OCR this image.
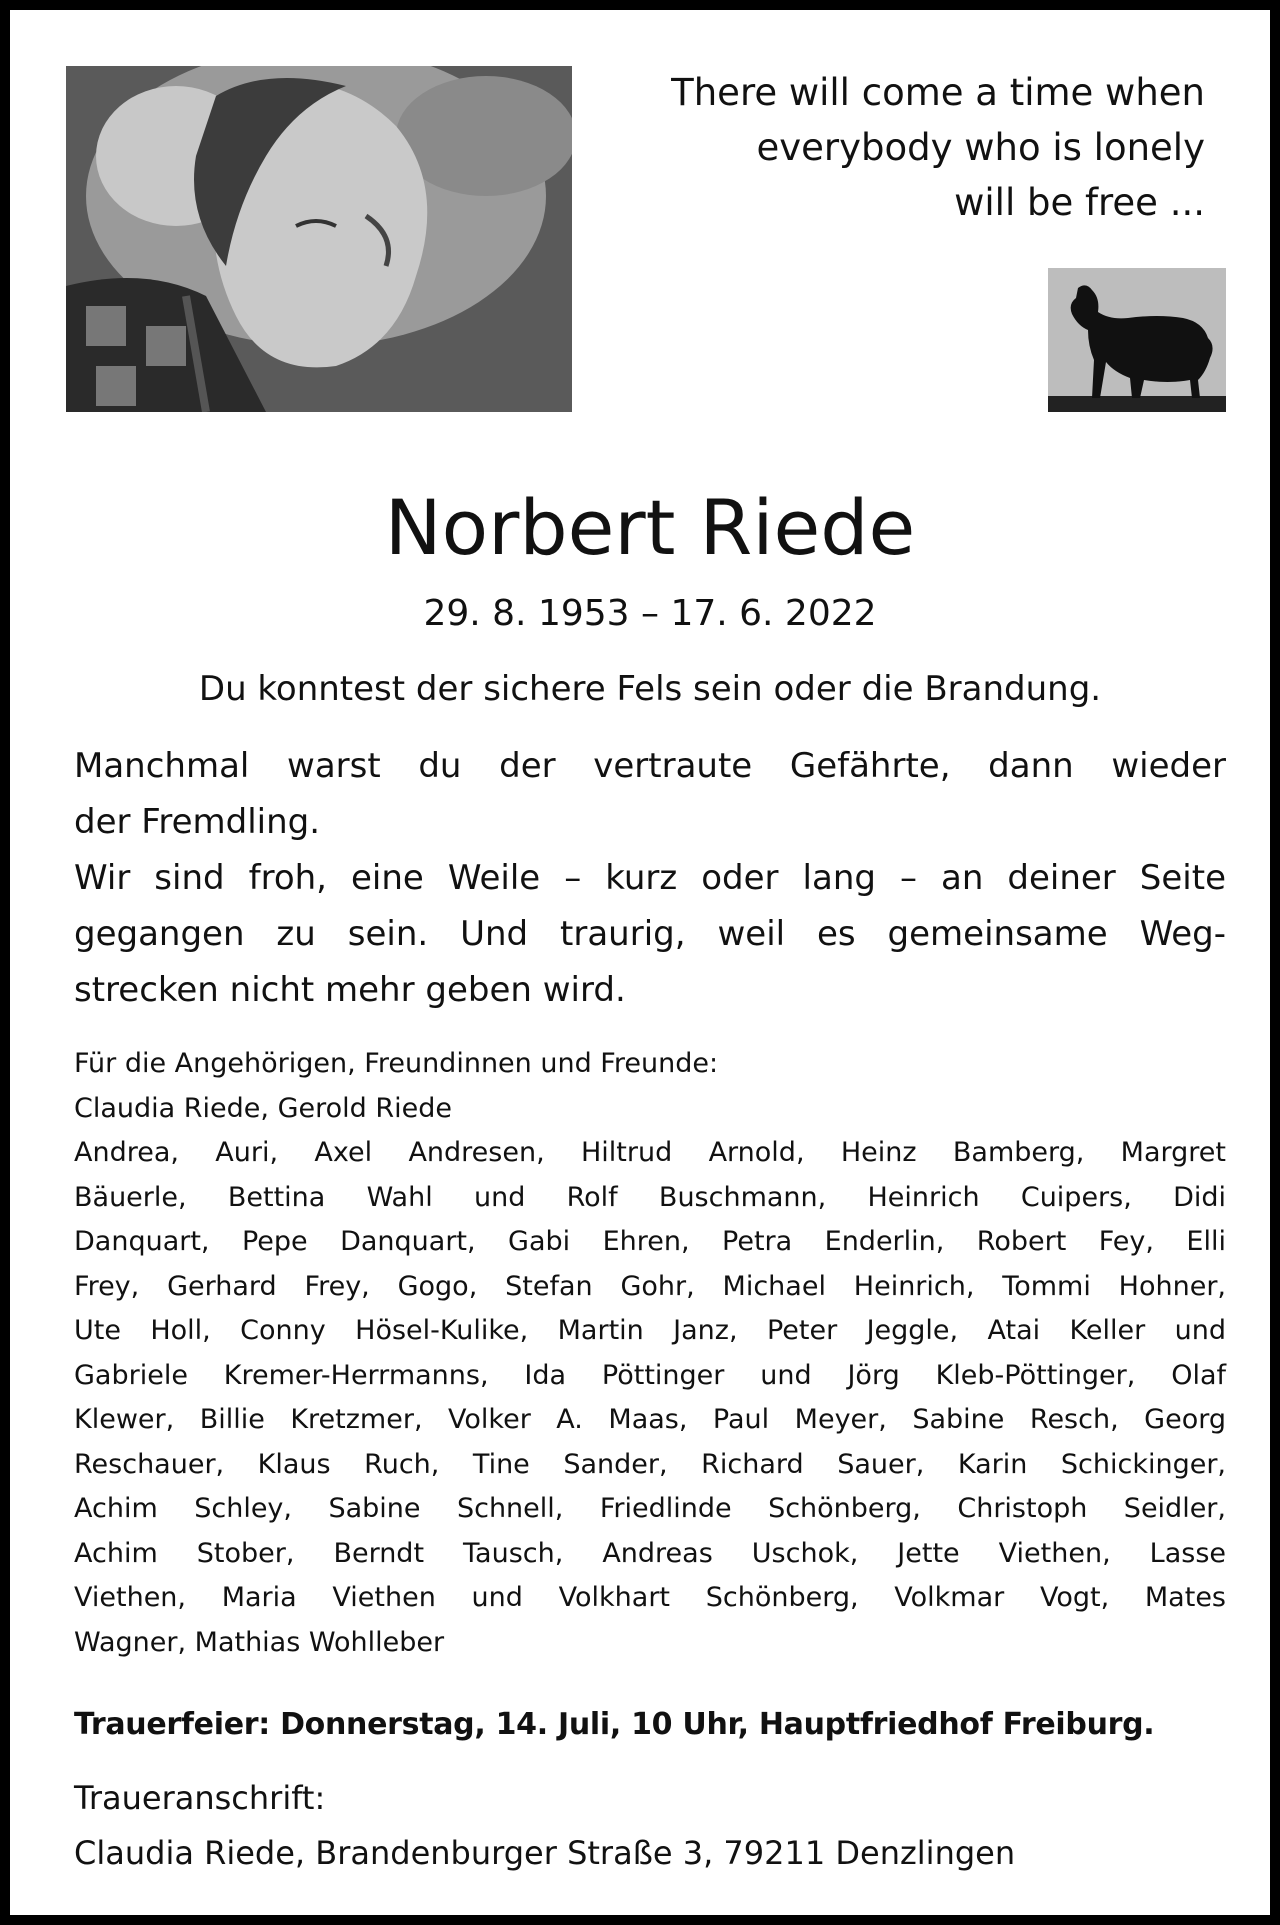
There will come a time when
everybody who is lonely
will be free ...
Norbert Riede
29. 8. 1953 – 17. 6. 2022
Du konntest der sichere Fels sein oder die Brandung.
Manchmal warst du der vertraute Gefährte, dann wieder
der Fremdling.
Wir sind froh, eine Weile – kurz oder lang – an deiner Seite
gegangen zu sein. Und traurig, weil es gemeinsame Weg-
strecken nicht mehr geben wird.
Für die Angehörigen, Freundinnen und Freunde:
Claudia Riede, Gerold Riede
Andrea, Auri, Axel Andresen, Hiltrud Arnold, Heinz Bamberg, Margret
Bäuerle, Bettina Wahl und Rolf Buschmann, Heinrich Cuipers, Didi
Danquart, Pepe Danquart, Gabi Ehren, Petra Enderlin, Robert Fey, Elli
Frey, Gerhard Frey, Gogo, Stefan Gohr, Michael Heinrich, Tommi Hohner,
Ute Holl, Conny Hösel-Kulike, Martin Janz, Peter Jeggle, Atai Keller und
Gabriele Kremer-Herrmanns, Ida Pöttinger und Jörg Kleb-Pöttinger, Olaf
Klewer, Billie Kretzmer, Volker A. Maas, Paul Meyer, Sabine Resch, Georg
Reschauer, Klaus Ruch, Tine Sander, Richard Sauer, Karin Schickinger,
Achim Schley, Sabine Schnell, Friedlinde Schönberg, Christoph Seidler,
Achim Stober, Berndt Tausch, Andreas Uschok, Jette Viethen, Lasse
Viethen, Maria Viethen und Volkhart Schönberg, Volkmar Vogt, Mates
Wagner, Mathias Wohlleber
Trauerfeier: Donnerstag, 14. Juli, 10 Uhr, Hauptfriedhof Freiburg.
Traueranschrift:
Claudia Riede, Brandenburger Straße 3, 79211 Denzlingen
